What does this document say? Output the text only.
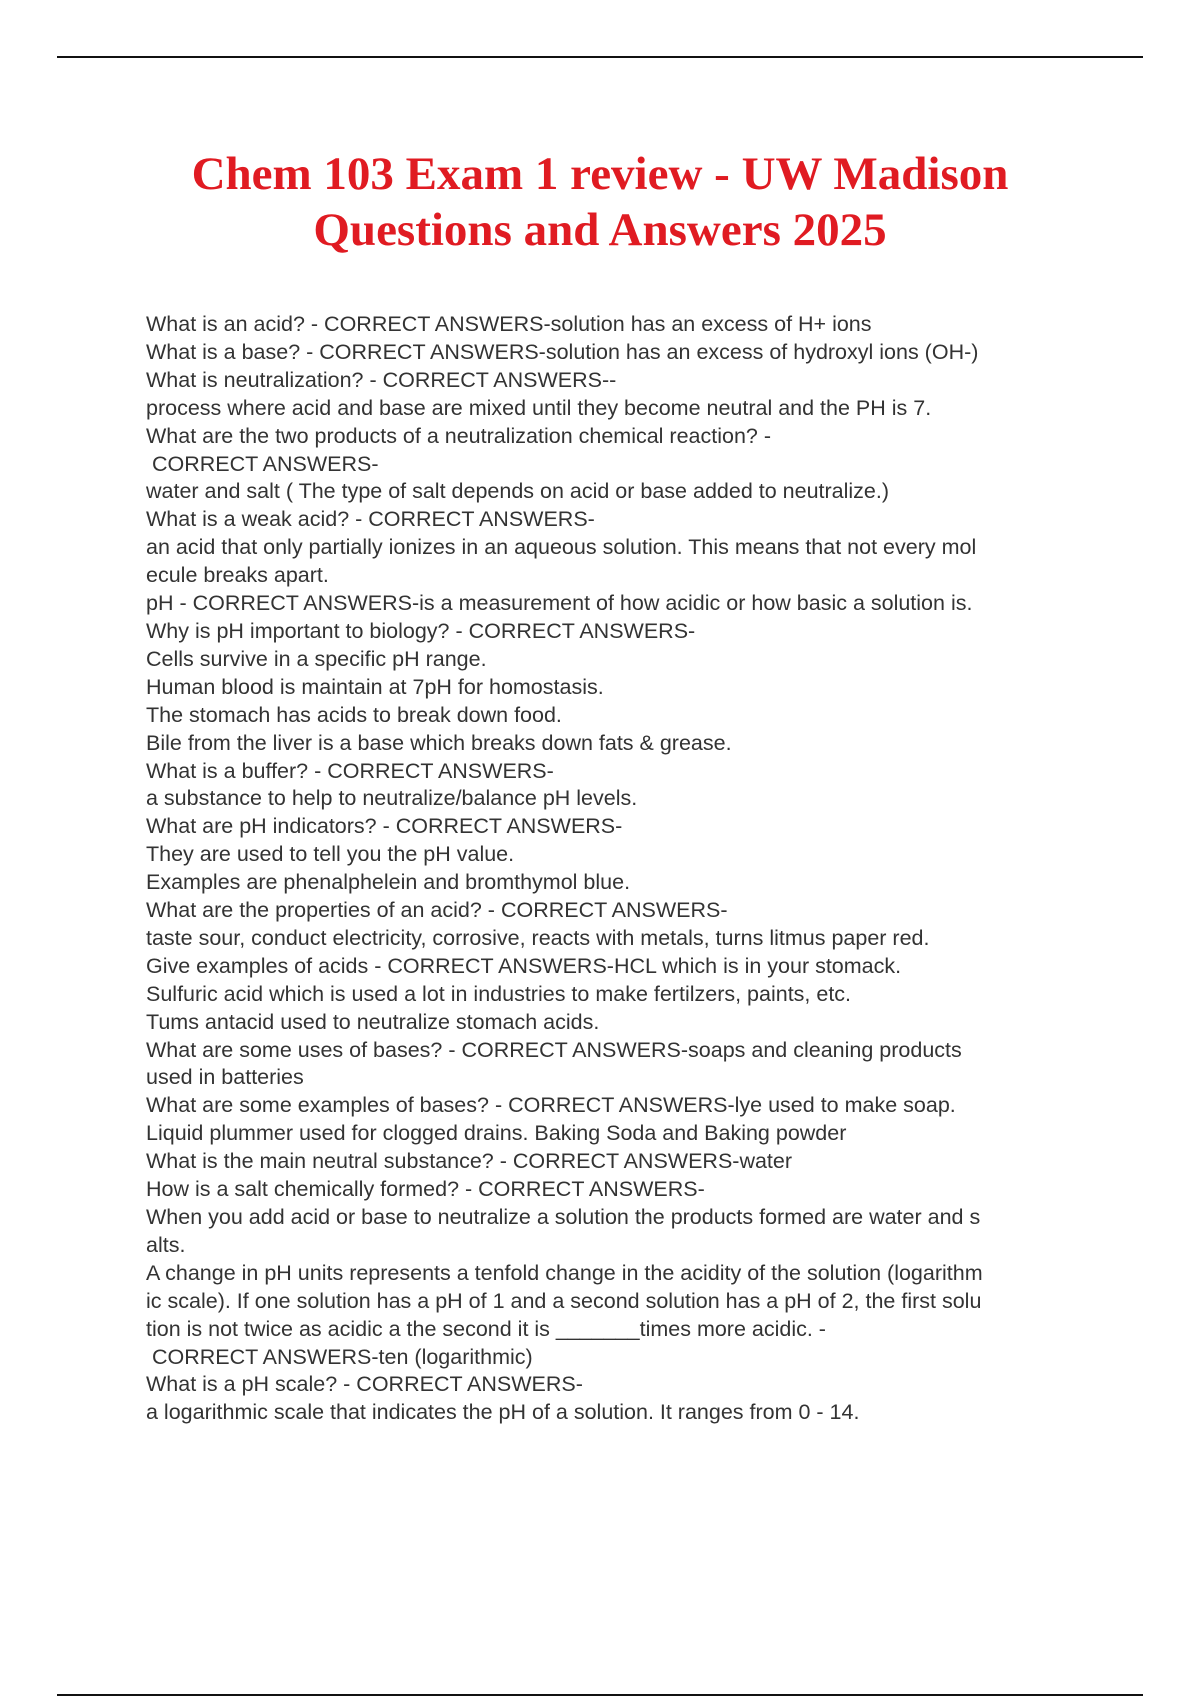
Chem 103 Exam 1 review - UW Madison
Questions and Answers 2025
What is an acid? - CORRECT ANSWERS-solution has an excess of H+ ions
What is a base? - CORRECT ANSWERS-solution has an excess of hydroxyl ions (OH-)
What is neutralization? - CORRECT ANSWERS--
process where acid and base are mixed until they become neutral and the PH is 7.
What are the two products of a neutralization chemical reaction? -
CORRECT ANSWERS-
water and salt ( The type of salt depends on acid or base added to neutralize.)
What is a weak acid? - CORRECT ANSWERS-
an acid that only partially ionizes in an aqueous solution. This means that not every mol
ecule breaks apart.
pH - CORRECT ANSWERS-is a measurement of how acidic or how basic a solution is.
Why is pH important to biology? - CORRECT ANSWERS-
Cells survive in a specific pH range.
Human blood is maintain at 7pH for homostasis.
The stomach has acids to break down food.
Bile from the liver is a base which breaks down fats & grease.
What is a buffer? - CORRECT ANSWERS-
a substance to help to neutralize/balance pH levels.
What are pH indicators? - CORRECT ANSWERS-
They are used to tell you the pH value.
Examples are phenalphelein and bromthymol blue.
What are the properties of an acid? - CORRECT ANSWERS-
taste sour, conduct electricity, corrosive, reacts with metals, turns litmus paper red.
Give examples of acids - CORRECT ANSWERS-HCL which is in your stomack.
Sulfuric acid which is used a lot in industries to make fertilzers, paints, etc.
Tums antacid used to neutralize stomach acids.
What are some uses of bases? - CORRECT ANSWERS-soaps and cleaning products
used in batteries
What are some examples of bases? - CORRECT ANSWERS-lye used to make soap.
Liquid plummer used for clogged drains. Baking Soda and Baking powder
What is the main neutral substance? - CORRECT ANSWERS-water
How is a salt chemically formed? - CORRECT ANSWERS-
When you add acid or base to neutralize a solution the products formed are water and s
alts.
A change in pH units represents a tenfold change in the acidity of the solution (logarithm
ic scale). If one solution has a pH of 1 and a second solution has a pH of 2, the first solu
tion is not twice as acidic a the second it is _______times more acidic. -
CORRECT ANSWERS-ten (logarithmic)
What is a pH scale? - CORRECT ANSWERS-
a logarithmic scale that indicates the pH of a solution. It ranges from 0 - 14.
